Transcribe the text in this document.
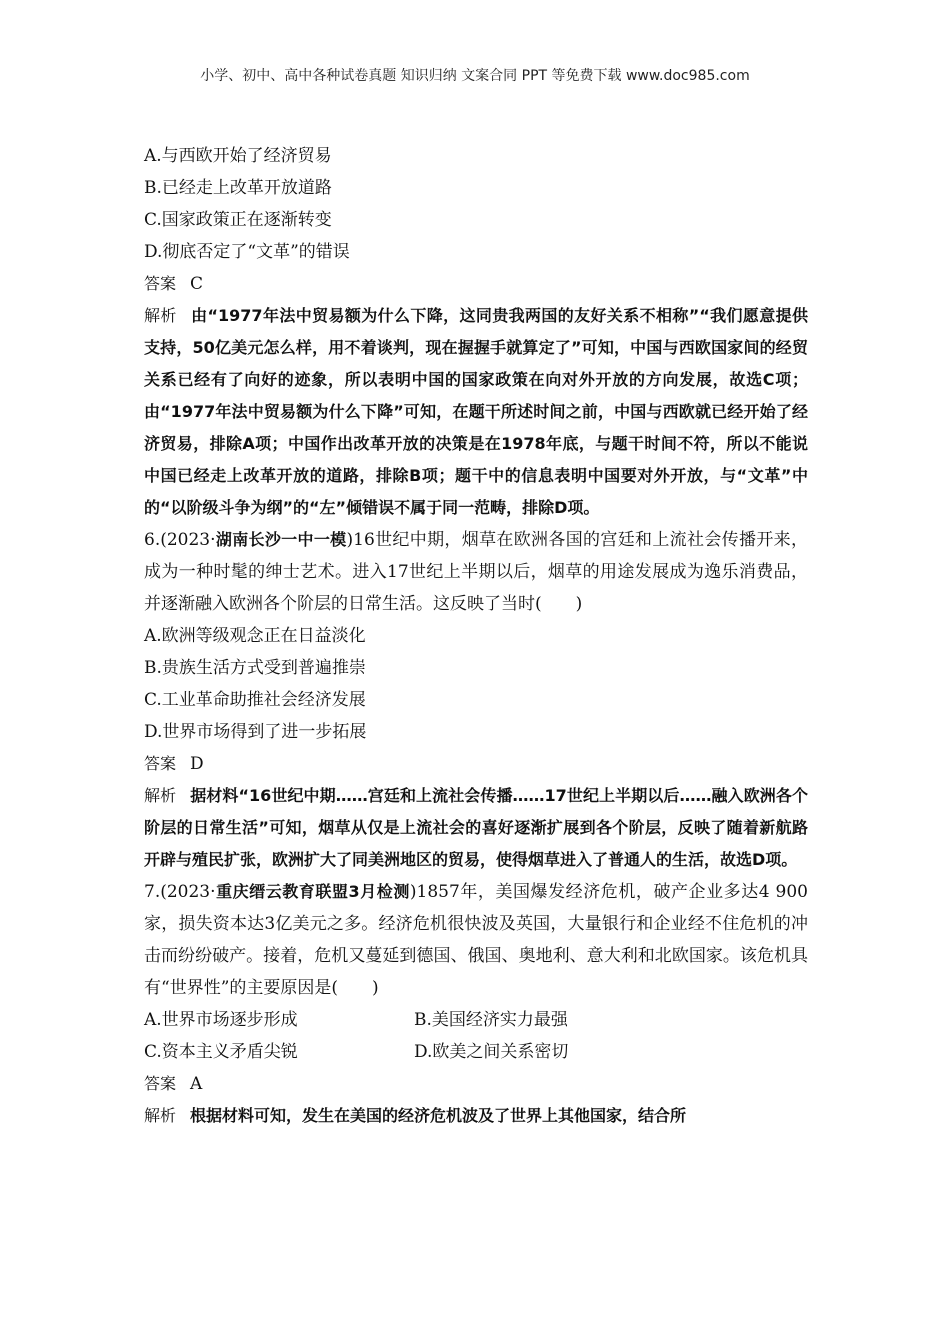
小学、初中、高中各种试卷真题 知识归纳 文案合同 PPT 等免费下载 www.doc985.com
A.与西欧开始了经济贸易
B.已经走上改革开放道路
C.国家政策正在逐渐转变
D.彻底否定了“文革”的错误
答案 C
解析 由“1977年法中贸易额为什么下降，这同贵我两国的友好关系不相称”“我们愿意提供支持，50亿美元怎么样，用不着谈判，现在握握手就算定了”可知，中国与西欧国家间的经贸关系已经有了向好的迹象，所以表明中国的国家政策在向对外开放的方向发展，故选C项；由“1977年法中贸易额为什么下降”可知，在题干所述时间之前，中国与西欧就已经开始了经济贸易，排除A项；中国作出改革开放的决策是在1978年底，与题干时间不符，所以不能说中国已经走上改革开放的道路，排除B项；题干中的信息表明中国要对外开放，与“文革”中的“以阶级斗争为纲”的“左”倾错误不属于同一范畴，排除D项。
6.(2023·湖南长沙一中一模)16世纪中期，烟草在欧洲各国的宫廷和上流社会传播开来，成为一种时髦的绅士艺术。进入17世纪上半期以后，烟草的用途发展成为逸乐消费品，并逐渐融入欧洲各个阶层的日常生活。这反映了当时(　　)
A.欧洲等级观念正在日益淡化
B.贵族生活方式受到普遍推崇
C.工业革命助推社会经济发展
D.世界市场得到了进一步拓展
答案 D
解析 据材料“16世纪中期……宫廷和上流社会传播……17世纪上半期以后……融入欧洲各个阶层的日常生活”可知，烟草从仅是上流社会的喜好逐渐扩展到各个阶层，反映了随着新航路开辟与殖民扩张，欧洲扩大了同美洲地区的贸易，使得烟草进入了普通人的生活，故选D项。
7.(2023·重庆缙云教育联盟3月检测)1857年，美国爆发经济危机，破产企业多达4 900家，损失资本达3亿美元之多。经济危机很快波及英国，大量银行和企业经不住危机的冲击而纷纷破产。接着，危机又蔓延到德国、俄国、奥地利、意大利和北欧国家。该危机具有“世界性”的主要原因是(　　)
A.世界市场逐步形成	B.美国经济实力最强
C.资本主义矛盾尖锐	D.欧美之间关系密切
答案 A
解析 根据材料可知，发生在美国的经济危机波及了世界上其他国家，结合所
